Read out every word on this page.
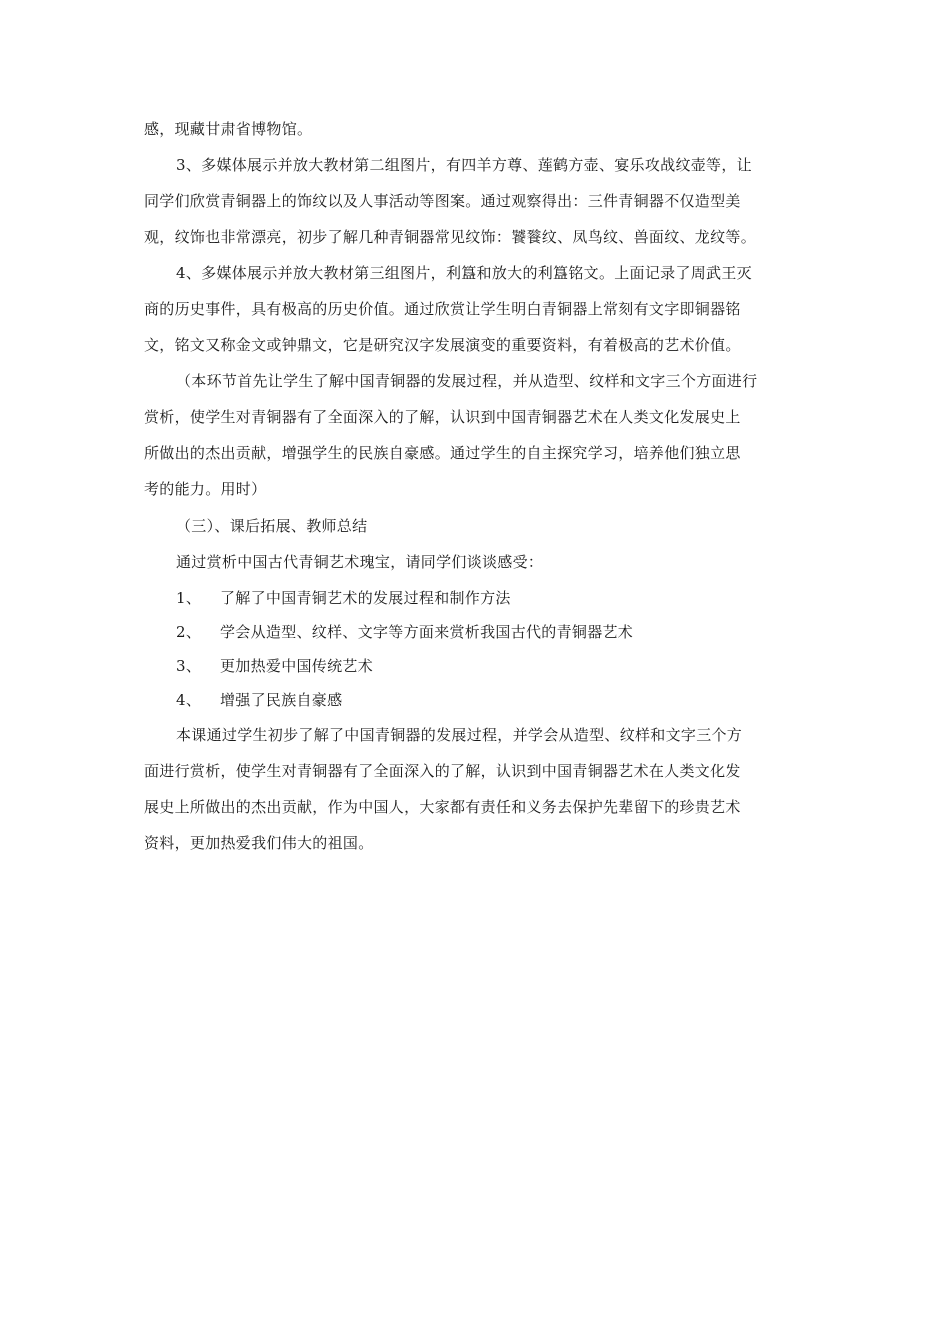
感，现藏甘肃省博物馆。
3、多媒体展示并放大教材第二组图片，有四羊方尊、莲鹤方壶、宴乐攻战纹壶等，让
同学们欣赏青铜器上的饰纹以及人事活动等图案。通过观察得出：三件青铜器不仅造型美
观，纹饰也非常漂亮，初步了解几种青铜器常见纹饰：饕餮纹、凤鸟纹、兽面纹、龙纹等。
4、多媒体展示并放大教材第三组图片，利簋和放大的利簋铭文。上面记录了周武王灭
商的历史事件，具有极高的历史价值。通过欣赏让学生明白青铜器上常刻有文字即铜器铭
文，铭文又称金文或钟鼎文，它是研究汉字发展演变的重要资料，有着极高的艺术价值。
（本环节首先让学生了解中国青铜器的发展过程，并从造型、纹样和文字三个方面进行
赏析，使学生对青铜器有了全面深入的了解，认识到中国青铜器艺术在人类文化发展史上
所做出的杰出贡献，增强学生的民族自豪感。通过学生的自主探究学习，培养他们独立思
考的能力。用时）
（三）、课后拓展、教师总结
通过赏析中国古代青铜艺术瑰宝，请同学们谈谈感受：
1、 了解了中国青铜艺术的发展过程和制作方法
2、 学会从造型、纹样、文字等方面来赏析我国古代的青铜器艺术
3、 更加热爱中国传统艺术
4、 增强了民族自豪感
本课通过学生初步了解了中国青铜器的发展过程，并学会从造型、纹样和文字三个方
面进行赏析，使学生对青铜器有了全面深入的了解，认识到中国青铜器艺术在人类文化发
展史上所做出的杰出贡献，作为中国人，大家都有责任和义务去保护先辈留下的珍贵艺术
资料，更加热爱我们伟大的祖国。
